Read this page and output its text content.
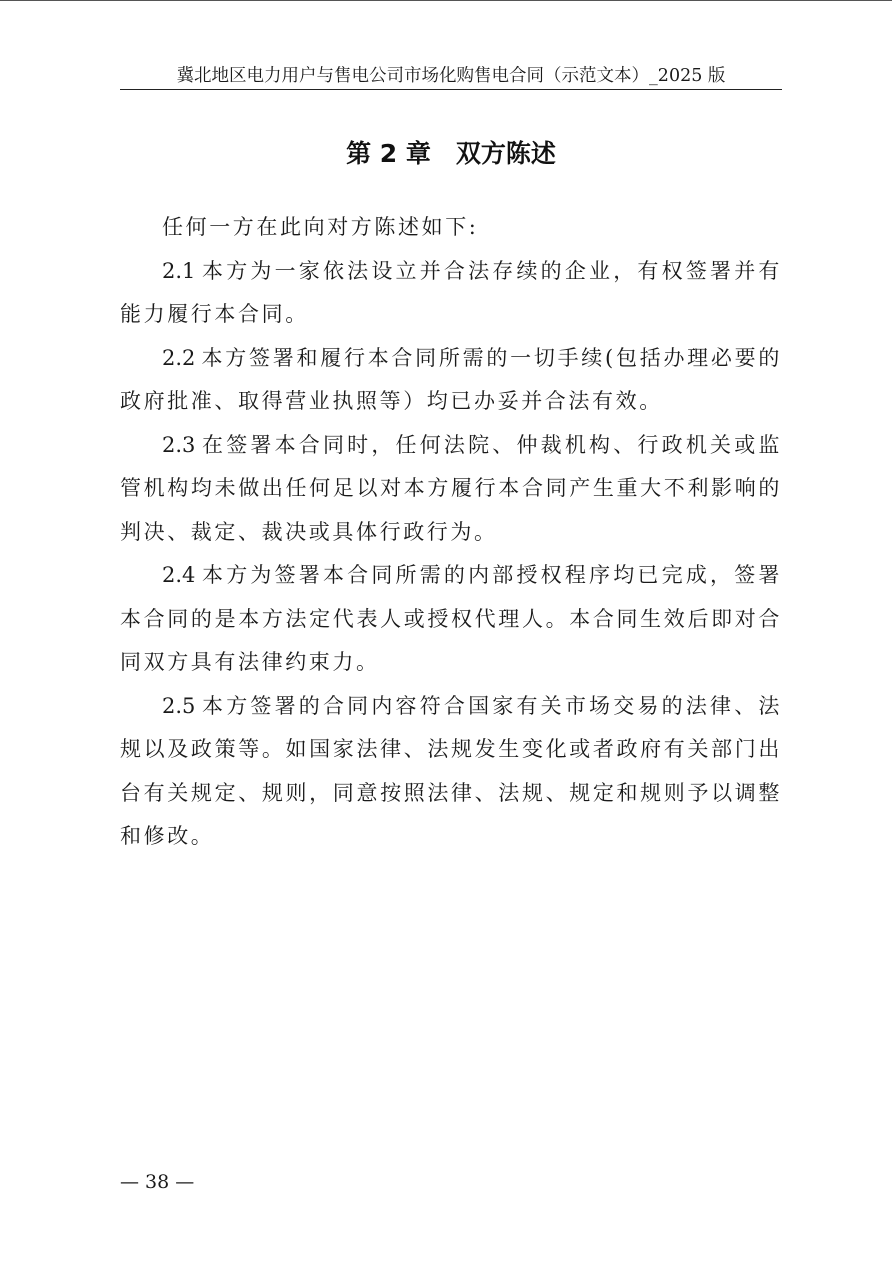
冀北地区电力用户与售电公司市场化购售电合同（示范文本）_2025 版
第 2 章　双方陈述

任何一方在此向对方陈述如下:

2.1 本方为一家依法设立并合法存续的企业，有权签署并有能力履行本合同。

2.2 本方签署和履行本合同所需的一切手续(包括办理必要的政府批准、取得营业执照等）均已办妥并合法有效。

2.3 在签署本合同时，任何法院、仲裁机构、行政机关或监管机构均未做出任何足以对本方履行本合同产生重大不利影响的判决、裁定、裁决或具体行政行为。

2.4 本方为签署本合同所需的内部授权程序均已完成，签署本合同的是本方法定代表人或授权代理人。本合同生效后即对合同双方具有法律约束力。

2.5 本方签署的合同内容符合国家有关市场交易的法律、法规以及政策等。如国家法律、法规发生变化或者政府有关部门出台有关规定、规则，同意按照法律、法规、规定和规则予以调整和修改。

— 38 —
